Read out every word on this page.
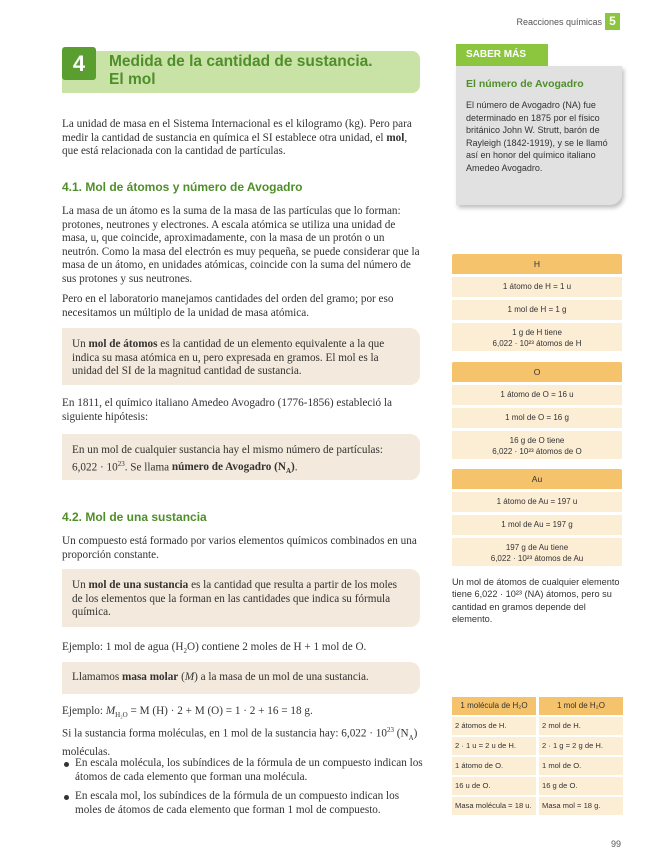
Reacciones químicas 5
4	Medida de la cantidad de sustancia.
El mol

La unidad de masa en el Sistema Internacional es el kilogramo (kg). Pero para medir la cantidad de sustancia en química el SI establece otra unidad, el mol, que está relacionada con la cantidad de partículas.

4.1. Mol de átomos y número de Avogadro

La masa de un átomo es la suma de la masa de las partículas que lo forman: protones, neutrones y electrones. A escala atómica se utiliza una unidad de masa, u, que coincide, aproximadamente, con la masa de un protón o un neutrón. Como la masa del electrón es muy pequeña, se puede considerar que la masa de un átomo, en unidades atómicas, coincide con la suma del número de sus protones y sus neutrones.

Pero en el laboratorio manejamos cantidades del orden del gramo; por eso necesitamos un múltiplo de la unidad de masa atómica.

Un mol de átomos es la cantidad de un elemento equivalente a la que indica su masa atómica en u, pero expresada en gramos. El mol es la unidad del SI de la magnitud cantidad de sustancia.

En 1811, el químico italiano Amedeo Avogadro (1776-1856) estableció la siguiente hipótesis:

En un mol de cualquier sustancia hay el mismo número de partículas: $6,022 \cdot 10^{23}$. Se llama número de Avogadro $(N_A)$.
4.2. Mol de una sustancia

Un compuesto está formado por varios elementos químicos combinados en una proporción constante.

Un mol de una sustancia es la cantidad que resulta a partir de los moles de los elementos que la forman en las cantidades que indica su fórmula química.

Ejemplo: 1 mol de agua $(H_2O)$ contiene 2 moles de H + 1 mol de O.

Llamamos masa molar (M) a la masa de un mol de una sustancia.

Ejemplo: $M_{H_2O} = M$ (H) · 2 + M (O) = 1 · 2 + 16 = 18 g.

Si la sustancia forma moléculas, en 1 mol de la sustancia hay: $6,022 \cdot 10^{23}$ $(N_A)$ moléculas.

En escala molécula, los subíndices de la fórmula de un compuesto indican los átomos de cada elemento que forman una molécula.
En escala mol, los subíndices de la fórmula de un compuesto indican los moles de átomos de cada elemento que forman 1 mol de compuesto.
SABER MÁS
El número de Avogadro
El número de Avogadro (NA) fue determinado en 1875 por el físico británico John W. Strutt, barón de Rayleigh (1842-1919), y se le llamó así en honor del químico italiano Amedeo Avogadro.
H
1 átomo de H = 1 u
1 mol de H = 1 g
1 g de H tiene
6,022 · 10²³ átomos de H
O
1 átomo de O = 16 u
1 mol de O = 16 g
16 g de O tiene
6,022 · 10²³ átomos de O
Au
1 átomo de Au = 197 u
1 mol de Au = 197 g
197 g de Au tiene
6,022 · 10²³ átomos de Au
Un mol de átomos de cualquier elemento tiene 6,022 · 10²³ (NA) átomos, pero su cantidad en gramos depende del elemento.
1 molécula de H₂O	1 mol de H₂O
2 átomos de H.	2 mol de H.
2 · 1 u = 2 u de H.	2 · 1 g = 2 g de H.
1 átomo de O.	1 mol de O.
16 u de O.	16 g de O.
Masa molécula = 18 u.	Masa mol = 18 g.
99
